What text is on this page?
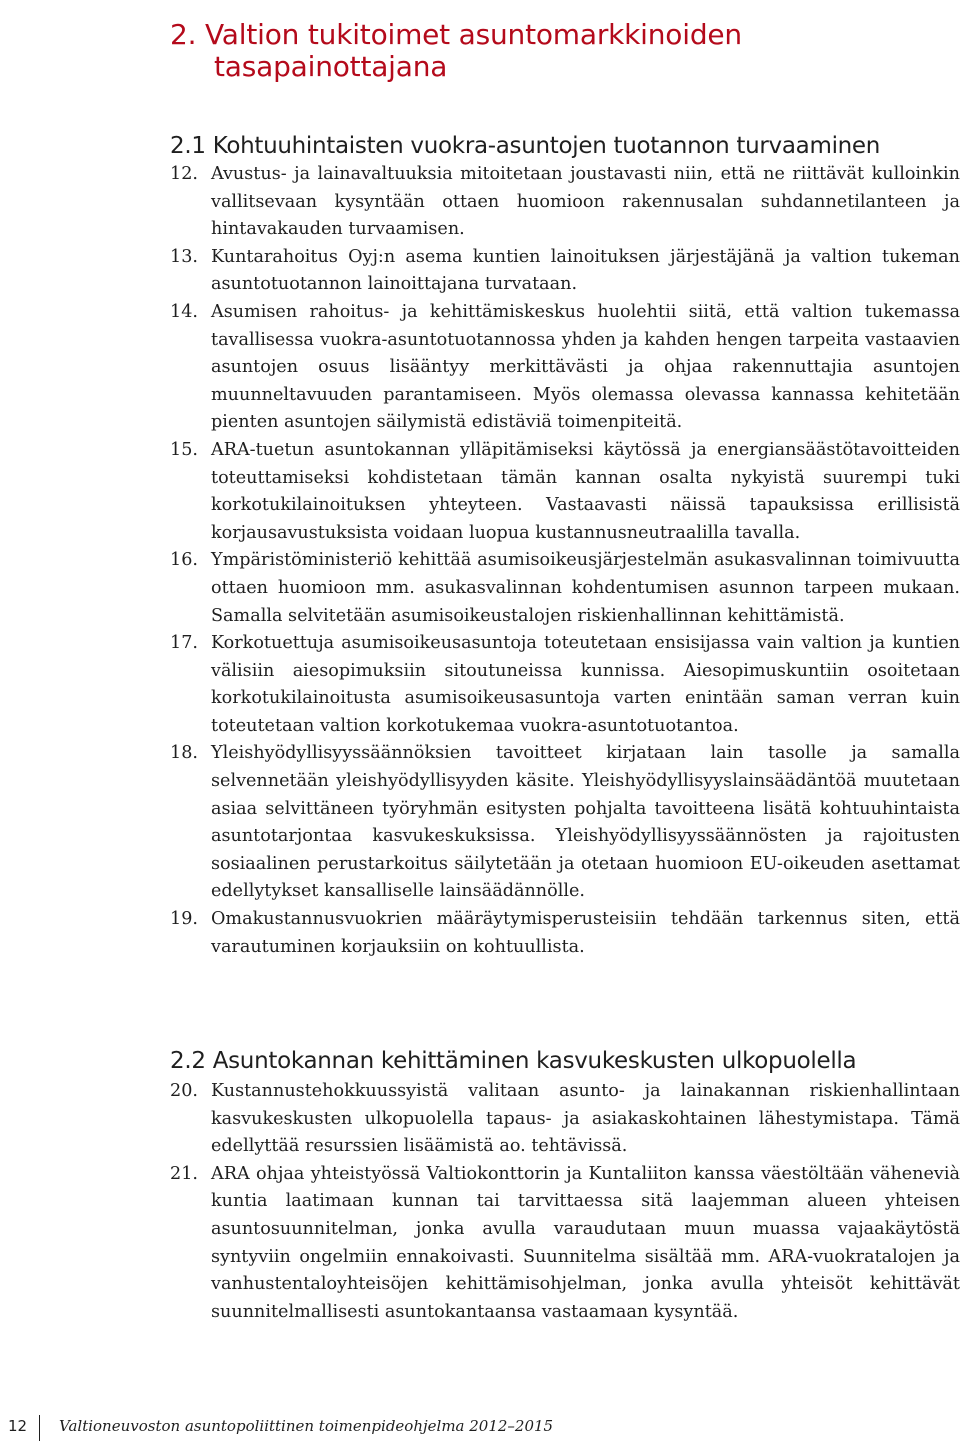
2. Valtion tukitoimet asuntomarkkinoiden
tasapainottajana
2.1 Kohtuuhintaisten vuokra-asuntojen tuotannon turvaaminen
12. Avustus- ja lainavaltuuksia mitoitetaan joustavasti niin, että ne riittävät kulloinkin vallitsevaan kysyntään ottaen huomioon rakennusalan suhdannetilanteen ja hintavakauden turvaamisen.
13. Kuntarahoitus Oyj:n asema kuntien lainoituksen järjestäjänä ja valtion tukeman asuntotuotannon lainoittajana turvataan.
14. Asumisen rahoitus- ja kehittämiskeskus huolehtii siitä, että valtion tukemassa tavallisessa vuokra-asuntotuotannossa yhden ja kahden hengen tarpeita vastaavien asuntojen osuus lisääntyy merkittävästi ja ohjaa rakennuttajia asuntojen muunneltavuuden parantamiseen. Myös olemassa olevassa kannassa kehitetään pienten asuntojen säilymistä edistäviä toimenpiteitä.
15. ARA-tuetun asuntokannan ylläpitämiseksi käytössä ja energiansäästötavoitteiden toteuttamiseksi kohdistetaan tämän kannan osalta nykyistä suurempi tuki korkotukilainoituksen yhteyteen. Vastaavasti näissä tapauksissa erillisistä korjausavustuksista voidaan luopua kustannusneutraalilla tavalla.
16. Ympäristöministeriö kehittää asumisoikeusjärjestelmän asukasvalinnan toimivuutta ottaen huomioon mm. asukasvalinnan kohdentumisen asunnon tarpeen mukaan. Samalla selvitetään asumisoikeustalojen riskienhallinnan kehittämistä.
17. Korkotuettuja asumisoikeusasuntoja toteutetaan ensisijassa vain valtion ja kuntien välisiin aiesopimuksiin sitoutuneissa kunnissa. Aiesopimuskuntiin osoitetaan korkotukilainoitusta asumisoikeusasuntoja varten enintään saman verran kuin toteutetaan valtion korkotukemaa vuokra-asuntotuotantoa.
18. Yleishyödyllisyyssäännöksien tavoitteet kirjataan lain tasolle ja samalla selvennetään yleishyödyllisyyden käsite. Yleishyödyllisyyslainsäädäntöä muutetaan asiaa selvittäneen työryhmän esitysten pohjalta tavoitteena lisätä kohtuuhintaista asuntotarjontaa kasvukeskuksissa. Yleishyödyllisyyssäännösten ja rajoitusten sosiaalinen perustarkoitus säilytetään ja otetaan huomioon EU-oikeuden asettamat edellytykset kansalliselle lainsäädännölle.
19. Omakustannusvuokrien määräytymisperusteisiin tehdään tarkennus siten, että varautuminen korjauksiin on kohtuullista.
2.2 Asuntokannan kehittäminen kasvukeskusten ulkopuolella
20. Kustannustehokkuussyistä valitaan asunto- ja lainakannan riskienhallintaan kasvukeskusten ulkopuolella tapaus- ja asiakaskohtainen lähestymistapa. Tämä edellyttää resurssien lisäämistä ao. tehtävissä.
21. ARA ohjaa yhteistyössä Valtiokonttorin ja Kuntaliiton kanssa väestöltään vähenevià kuntia laatimaan kunnan tai tarvittaessa sitä laajemman alueen yhteisen asuntosuunnitelman, jonka avulla varaudutaan muun muassa vajaakäytöstä syntyviin ongelmiin ennakoivasti. Suunnitelma sisältää mm. ARA-vuokratalojen ja vanhustentaloyhteisöjen kehittämisohjelman, jonka avulla yhteisöt kehittävät suunnitelmallisesti asuntokantaansa vastaamaan kysyntää.
12 Valtioneuvoston asuntopoliittinen toimenpideohjelma 2012–2015
